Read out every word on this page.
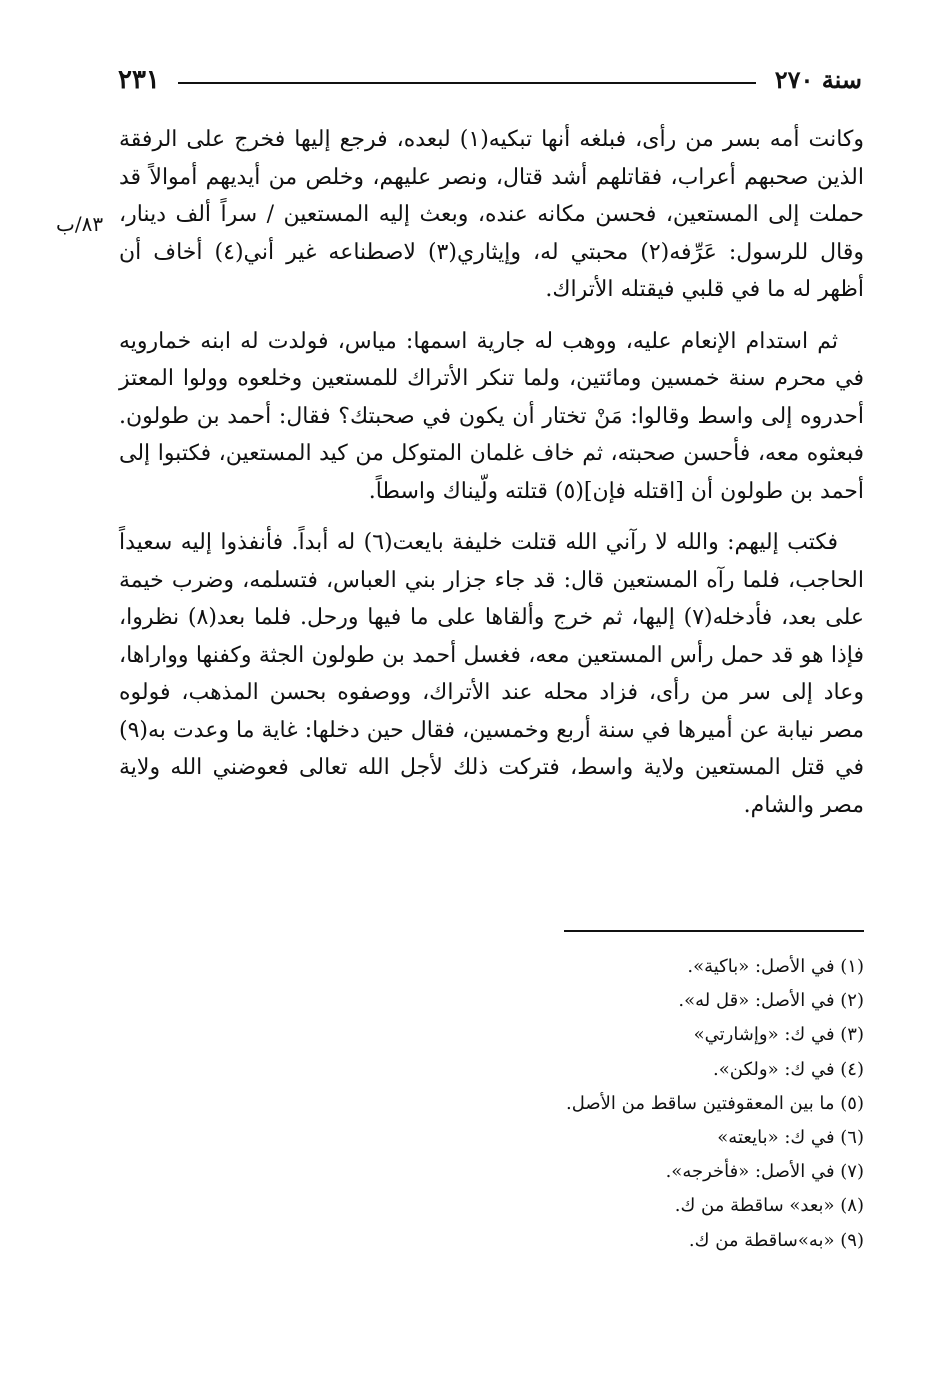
سنة ٢٧٠
٢٣١
٨٣/ب

وكانت أمه بسر من رأى، فبلغه أنها تبكيه(١) لبعده، فرجع إليها فخرج على الرفقة الذين صحبهم أعراب، فقاتلهم أشد قتال، ونصر عليهم، وخلص من أيديهم أموالاً قد حملت إلى المستعين، فحسن مكانه عنده، وبعث إليه المستعين / سراً ألف دينار، وقال للرسول: عَرِّفه(٢) محبتي له، وإيثاري(٣) لاصطناعه غير أني(٤) أخاف أن أظهر له ما في قلبي فيقتله الأتراك.

ثم استدام الإنعام عليه، ووهب له جارية اسمها: مياس، فولدت له ابنه خمارويه في محرم سنة خمسين ومائتين، ولما تنكر الأتراك للمستعين وخلعوه وولوا المعتز أحدروه إلى واسط وقالوا: مَنْ تختار أن يكون في صحبتك؟ فقال: أحمد بن طولون. فبعثوه معه، فأحسن صحبته، ثم خاف غلمان المتوكل من كيد المستعين، فكتبوا إلى أحمد بن طولون أن [اقتله فإن](٥) قتلته ولّيناك واسطاً.

فكتب إليهم: والله لا رآني الله قتلت خليفة بايعت(٦) له أبداً. فأنفذوا إليه سعيداً الحاجب، فلما رآه المستعين قال: قد جاء جزار بني العباس، فتسلمه، وضرب خيمة على بعد، فأدخله(٧) إليها، ثم خرج وألقاها على ما فيها ورحل. فلما بعد(٨) نظروا، فإذا هو قد حمل رأس المستعين معه، فغسل أحمد بن طولون الجثة وكفنها وواراها، وعاد إلى سر من رأى، فزاد محله عند الأتراك، ووصفوه بحسن المذهب، فولوه مصر نيابة عن أميرها في سنة أربع وخمسين، فقال حين دخلها: غاية ما وعدت به(٩) في قتل المستعين ولاية واسط، فتركت ذلك لأجل الله تعالى فعوضني الله ولاية مصر والشام.

(١) في الأصل: «باكية».
(٢) في الأصل: «قل له».
(٣) في ك: «وإشارتي»
(٤) في ك: «ولكن».
(٥) ما بين المعقوفتين ساقط من الأصل.
(٦) في ك: «بايعته»
(٧) في الأصل: «فأخرجه».
(٨) «بعد» ساقطة من ك.
(٩) «به»ساقطة من ك.
